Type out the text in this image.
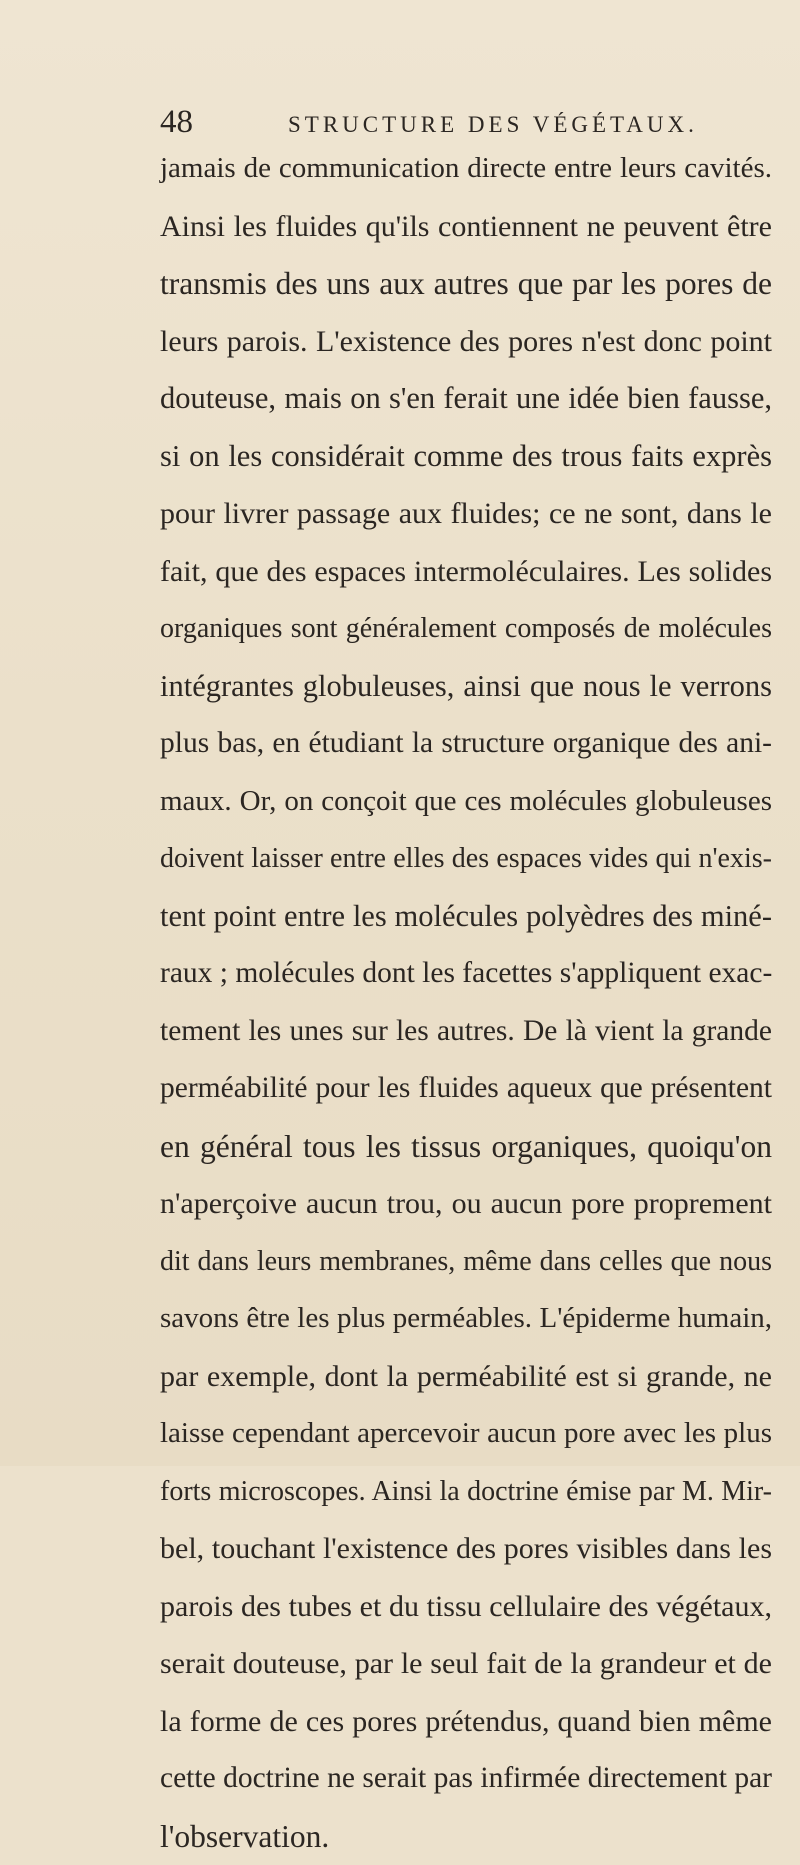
48	STRUCTURE DES VÉGÉTAUX.
jamais de communication directe entre leurs cavités.
Ainsi les fluides qu'ils contiennent ne peuvent être
transmis des uns aux autres que par les pores de
leurs parois. L'existence des pores n'est donc point
douteuse, mais on s'en ferait une idée bien fausse,
si on les considérait comme des trous faits exprès
pour livrer passage aux fluides; ce ne sont, dans le
fait, que des espaces intermoléculaires. Les solides
organiques sont généralement composés de molécules
intégrantes globuleuses, ainsi que nous le verrons
plus bas, en étudiant la structure organique des ani-
maux. Or, on conçoit que ces molécules globuleuses
doivent laisser entre elles des espaces vides qui n'exis-
tent point entre les molécules polyèdres des miné-
raux ; molécules dont les facettes s'appliquent exac-
tement les unes sur les autres. De là vient la grande
perméabilité pour les fluides aqueux que présentent
en général tous les tissus organiques, quoiqu'on
n'aperçoive aucun trou, ou aucun pore proprement
dit dans leurs membranes, même dans celles que nous
savons être les plus perméables. L'épiderme humain,
par exemple, dont la perméabilité est si grande, ne
laisse cependant apercevoir aucun pore avec les plus
forts microscopes. Ainsi la doctrine émise par M. Mir-
bel, touchant l'existence des pores visibles dans les
parois des tubes et du tissu cellulaire des végétaux,
serait douteuse, par le seul fait de la grandeur et de
la forme de ces pores prétendus, quand bien même
cette doctrine ne serait pas infirmée directement par
l'observation.
